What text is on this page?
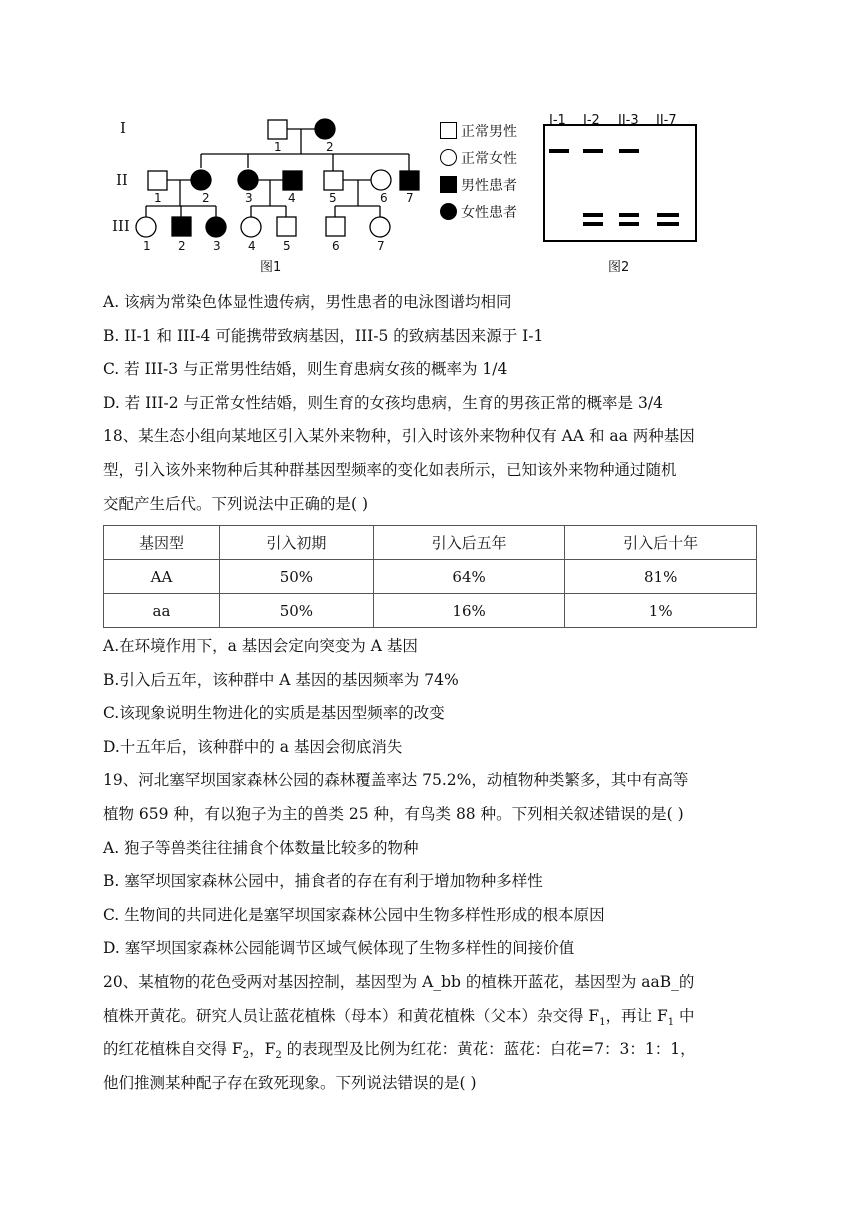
I
II
III
1	2
1	2	3	4	5	6 7
1 2 3 4 5	6	7
图1	图2
I-1 I-2 II-3 II-7
正常男性
正常女性
男性患者
女性患者
A. 该病为常染色体显性遗传病，男性患者的电泳图谱均相同
B. II-1 和 III-4 可能携带致病基因，III-5 的致病基因来源于 I-1
C. 若 III-3 与正常男性结婚，则生育患病女孩的概率为 1/4
D. 若 III-2 与正常女性结婚，则生育的女孩均患病，生育的男孩正常的概率是 3/4
18、某生态小组向某地区引入某外来物种，引入时该外来物种仅有 AA 和 aa 两种基因
型，引入该外来物种后其种群基因型频率的变化如表所示，已知该外来物种通过随机
交配产生后代。下列说法中正确的是( )
基因型	引入初期	引入后五年	引入后十年
AA	50%	64%	81%
aa	50%	16%	1%
A.在环境作用下，a 基因会定向突变为 A 基因
B.引入后五年，该种群中 A 基因的基因频率为 74%
C.该现象说明生物进化的实质是基因型频率的改变
D.十五年后，该种群中的 a 基因会彻底消失
19、河北塞罕坝国家森林公园的森林覆盖率达 75.2%，动植物种类繁多，其中有高等
植物 659 种，有以狍子为主的兽类 25 种，有鸟类 88 种。下列相关叙述错误的是( )
A. 狍子等兽类往往捕食个体数量比较多的物种
B. 塞罕坝国家森林公园中，捕食者的存在有利于增加物种多样性
C. 生物间的共同进化是塞罕坝国家森林公园中生物多样性形成的根本原因
D. 塞罕坝国家森林公园能调节区域气候体现了生物多样性的间接价值
20、某植物的花色受两对基因控制，基因型为 A_bb 的植株开蓝花，基因型为 aaB_的
植株开黄花。研究人员让蓝花植株（母本）和黄花植株（父本）杂交得 $F_1$，再让 $F_1$ 中
的红花植株自交得 $F_2$，$F_2$ 的表现型及比例为红花：黄花：蓝花：白花=7：3：1：1，
他们推测某种配子存在致死现象。下列说法错误的是( )
